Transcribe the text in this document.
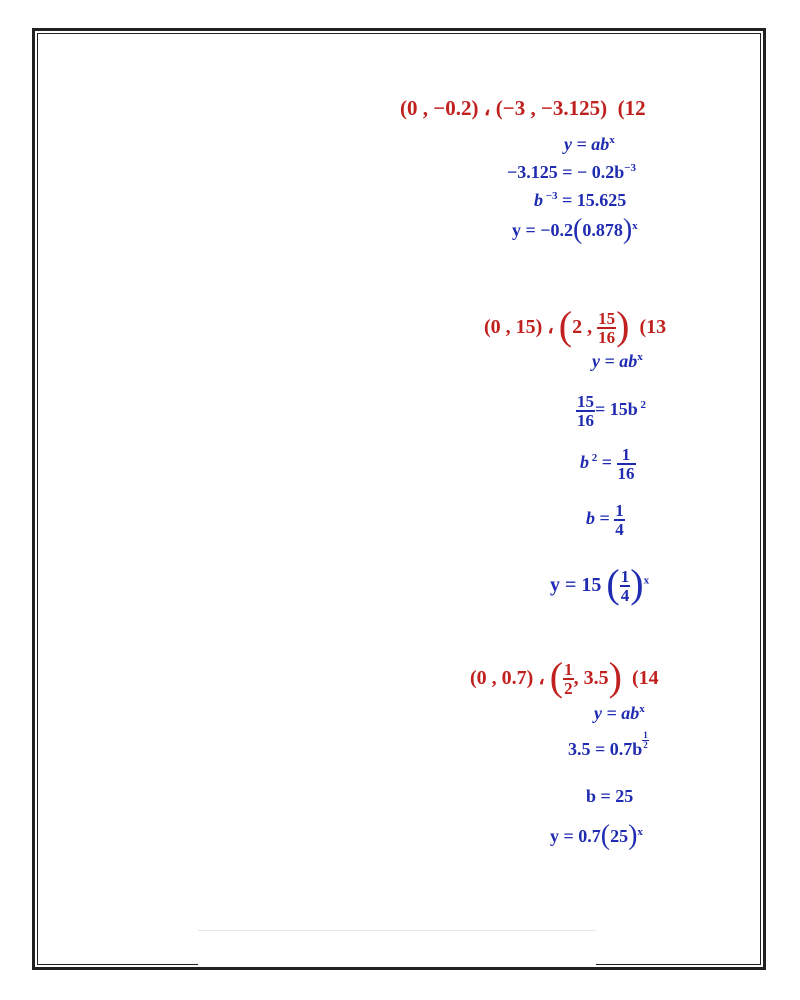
(0 , −0.2) ، (−3 , −3.125) (12
$y = ab^x$
−3.125 = − $0.2b^{-3}$
b $^{-3}$ = 15.625
$y = -0.2(0.878)^x$
(0 , 15) ، (2 , $\frac{15}{16}$ ) (13
$y = ab^x$
$\frac{15}{16} = 15b$ $^2$
b $^2 = \frac{1}{16}$
$b = \frac{1}{4}$
y = 15 ( $\frac{1}{4} )^x$
(0 , 0.7) ، ( $\frac{1}{2}$ , 3.5) (14
$y = ab^x$
$3.5 = 0.7b \frac{1}{2}$
b = 25
$y = 0.7(25)^x$
